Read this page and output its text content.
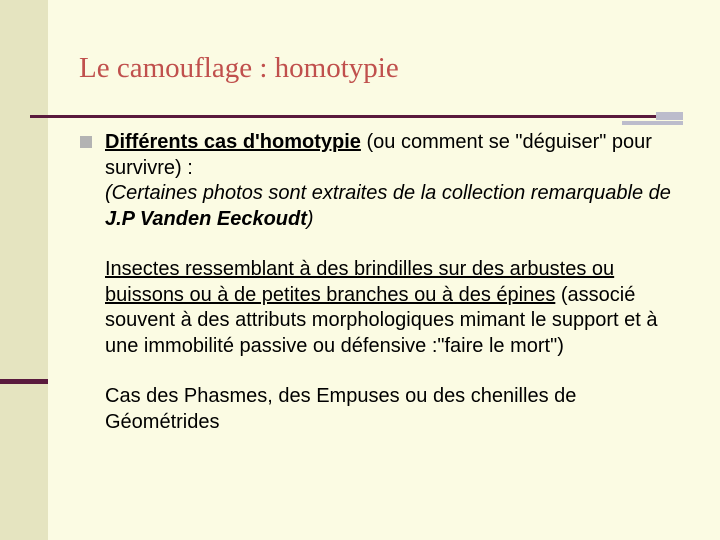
Le camouflage : homotypie

Différents cas d'homotypie (ou comment se "déguiser" pour survivre) :

(Certaines photos sont extraites de la collection remarquable de J.P Vanden Eeckoudt)

Insectes ressemblant à des brindilles sur des arbustes ou buissons ou à de petites branches ou à des épines (associé souvent à des attributs morphologiques mimant le support et à une immobilité passive ou défensive :"faire le mort")

Cas des Phasmes, des Empuses ou des chenilles de Géométrides
